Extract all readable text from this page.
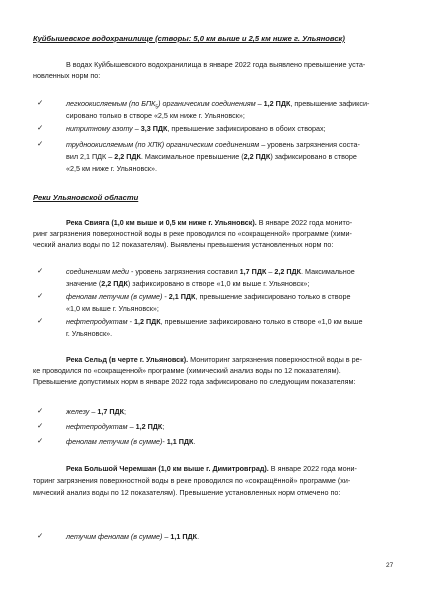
Куйбышевское водохранилище (створы: 5,0 км выше и 2,5 км ниже г. Ульяновск)
В водах Куйбышевского водохранилища в январе 2022 года выявлено превышение уста-
новленных норм по:
✓	легкоокисляемым (по $БПК_5$) органическим соединениям – 1,2 ПДК, превышение зафикси-
сировано только в створе «2,5 км ниже г. Ульяновск»;
✓	нитритному азоту – 3,3 ПДК, превышение зафиксировано в обоих створах;
✓	трудноокисляемым (по ХПК) органическим соединениям – уровень загрязнения соста-
вил 2,1 ПДК – 2,2 ПДК. Максимальное превышение (2,2 ПДК) зафиксировано в створе
«2,5 км ниже г. Ульяновск».
Реки Ульяновской области
Река Свияга (1,0 км выше и 0,5 км ниже г. Ульяновск). В январе 2022 года монито-
ринг загрязнения поверхностной воды в реке проводился по «сокращенной» программе (хими-
ческий анализ воды по 12 показателям). Выявлены превышения установленных норм по:
✓	соединениям меди - уровень загрязнения составил 1,7 ПДК – 2,2 ПДК. Максимальное
значение (2,2 ПДК) зафиксировано в створе «1,0 км выше г. Ульяновск»;
✓	фенолам летучим (в сумме) - 2,1 ПДК, превышение зафиксировано только в створе
«1,0 км выше г. Ульяновск»;
✓	нефтепродуктам - 1,2 ПДК, превышение зафиксировано только в створе «1,0 км выше
г. Ульяновск».
Река Сельд (в черте г. Ульяновск). Мониторинг загрязнения поверхностной воды в ре-
ке проводился по «сокращенной» программе (химический анализ воды по 12 показателям).
Превышение допустимых норм в январе 2022 года зафиксировано по следующим показателям:
✓	железу – 1,7 ПДК;
✓	нефтепродуктам – 1,2 ПДК;
✓	фенолам летучим (в сумме)- 1,1 ПДК.
Река Большой Черемшан (1,0 км выше г. Димитровград). В январе 2022 года мони-
торинг загрязнения поверхностной воды в реке проводился по «сокращённой» программе (хи-
мический анализ воды по 12 показателям). Превышение установленных норм отмечено по:
✓	летучим фенолам (в сумме) – 1,1 ПДК.
27
